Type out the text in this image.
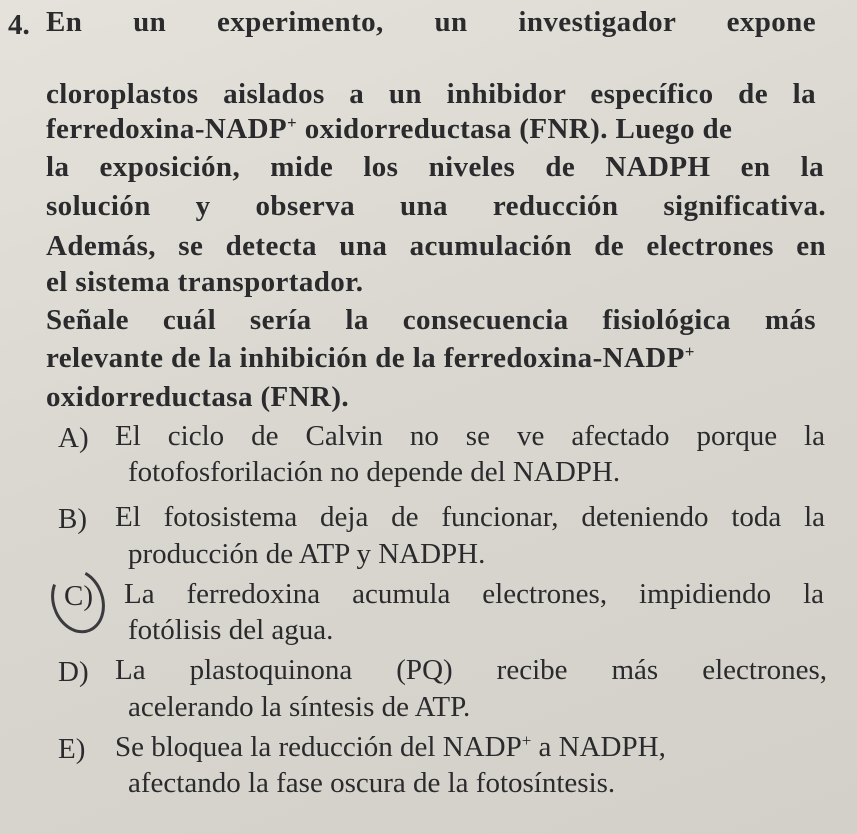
4. En un experimento, un investigador expone
cloroplastos aislados a un inhibidor específico de la
ferredoxina-NADP+ oxidorreductasa (FNR). Luego de
la exposición, mide los niveles de NADPH en la
solución y observa una reducción significativa.
Además, se detecta una acumulación de electrones en
el sistema transportador.
Señale cuál sería la consecuencia fisiológica más
relevante de la inhibición de la ferredoxina-NADP+
oxidorreductasa (FNR).
A) El ciclo de Calvin no se ve afectado porque la
fotofosforilación no depende del NADPH.
B) El fotosistema deja de funcionar, deteniendo toda la
producción de ATP y NADPH.
C) La ferredoxina acumula electrones, impidiendo la
fotólisis del agua.
D) La plastoquinona (PQ) recibe más electrones,
acelerando la síntesis de ATP.
E) Se bloquea la reducción del NADP+ a NADPH,
afectando la fase oscura de la fotosíntesis.
